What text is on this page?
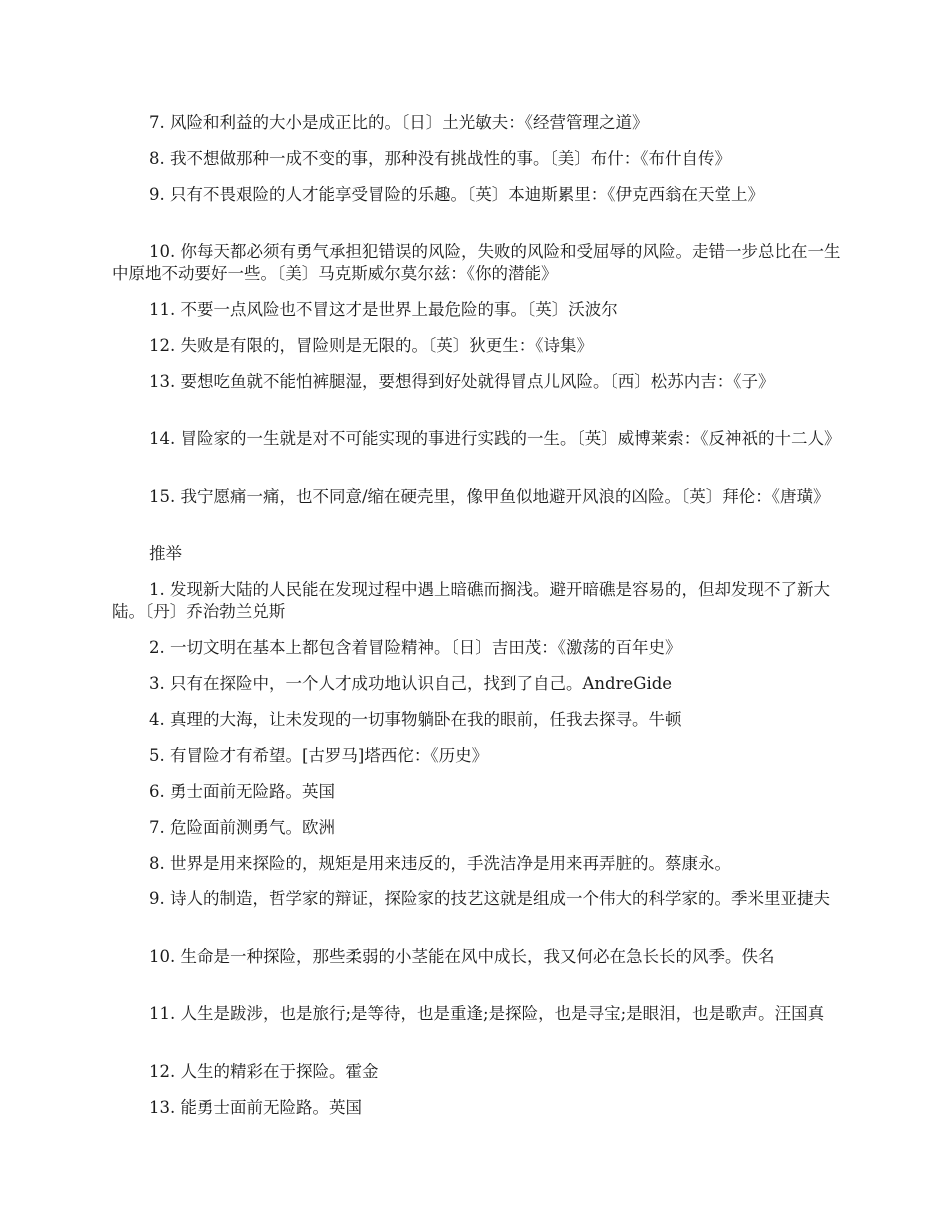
7. 风险和利益的大小是成正比的。〔日〕土光敏夫：《经营管理之道》

8. 我不想做那种一成不变的事，那种没有挑战性的事。〔美〕布什：《布什自传》

9. 只有不畏艰险的人才能享受冒险的乐趣。〔英〕本迪斯累里：《伊克西翁在天堂上》

10. 你每天都必须有勇气承担犯错误的风险，失败的风险和受屈辱的风险。走错一步总比在一生中原地不动要好一些。〔美〕马克斯威尔莫尔兹：《你的潜能》

11. 不要一点风险也不冒这才是世界上最危险的事。〔英〕沃波尔

12. 失败是有限的，冒险则是无限的。〔英〕狄更生：《诗集》

13. 要想吃鱼就不能怕裤腿湿，要想得到好处就得冒点儿风险。〔西〕松苏内吉：《子》

14. 冒险家的一生就是对不可能实现的事进行实践的一生。〔英〕威博莱索：《反神祇的十二人》

15. 我宁愿痛一痛，也不同意/缩在硬壳里，像甲鱼似地避开风浪的凶险。〔英〕拜伦：《唐璜》

推举

1. 发现新大陆的人民能在发现过程中遇上暗礁而搁浅。避开暗礁是容易的，但却发现不了新大陆。〔丹〕乔治勃兰兑斯

2. 一切文明在基本上都包含着冒险精神。〔日〕吉田茂：《激荡的百年史》

3. 只有在探险中，一个人才成功地认识自己，找到了自己。AndreGide

4. 真理的大海，让未发现的一切事物躺卧在我的眼前，任我去探寻。牛顿

5. 有冒险才有希望。[古罗马]塔西佗：《历史》

6. 勇士面前无险路。英国

7. 危险面前测勇气。欧洲

8. 世界是用来探险的，规矩是用来违反的，手洗洁净是用来再弄脏的。蔡康永。

9. 诗人的制造，哲学家的辩证，探险家的技艺这就是组成一个伟大的科学家的。季米里亚捷夫

10. 生命是一种探险，那些柔弱的小茎能在风中成长，我又何必在急长长的风季。佚名

11. 人生是跋涉，也是旅行;是等待，也是重逢;是探险，也是寻宝;是眼泪，也是歌声。汪国真

12. 人生的精彩在于探险。霍金

13. 能勇士面前无险路。英国
